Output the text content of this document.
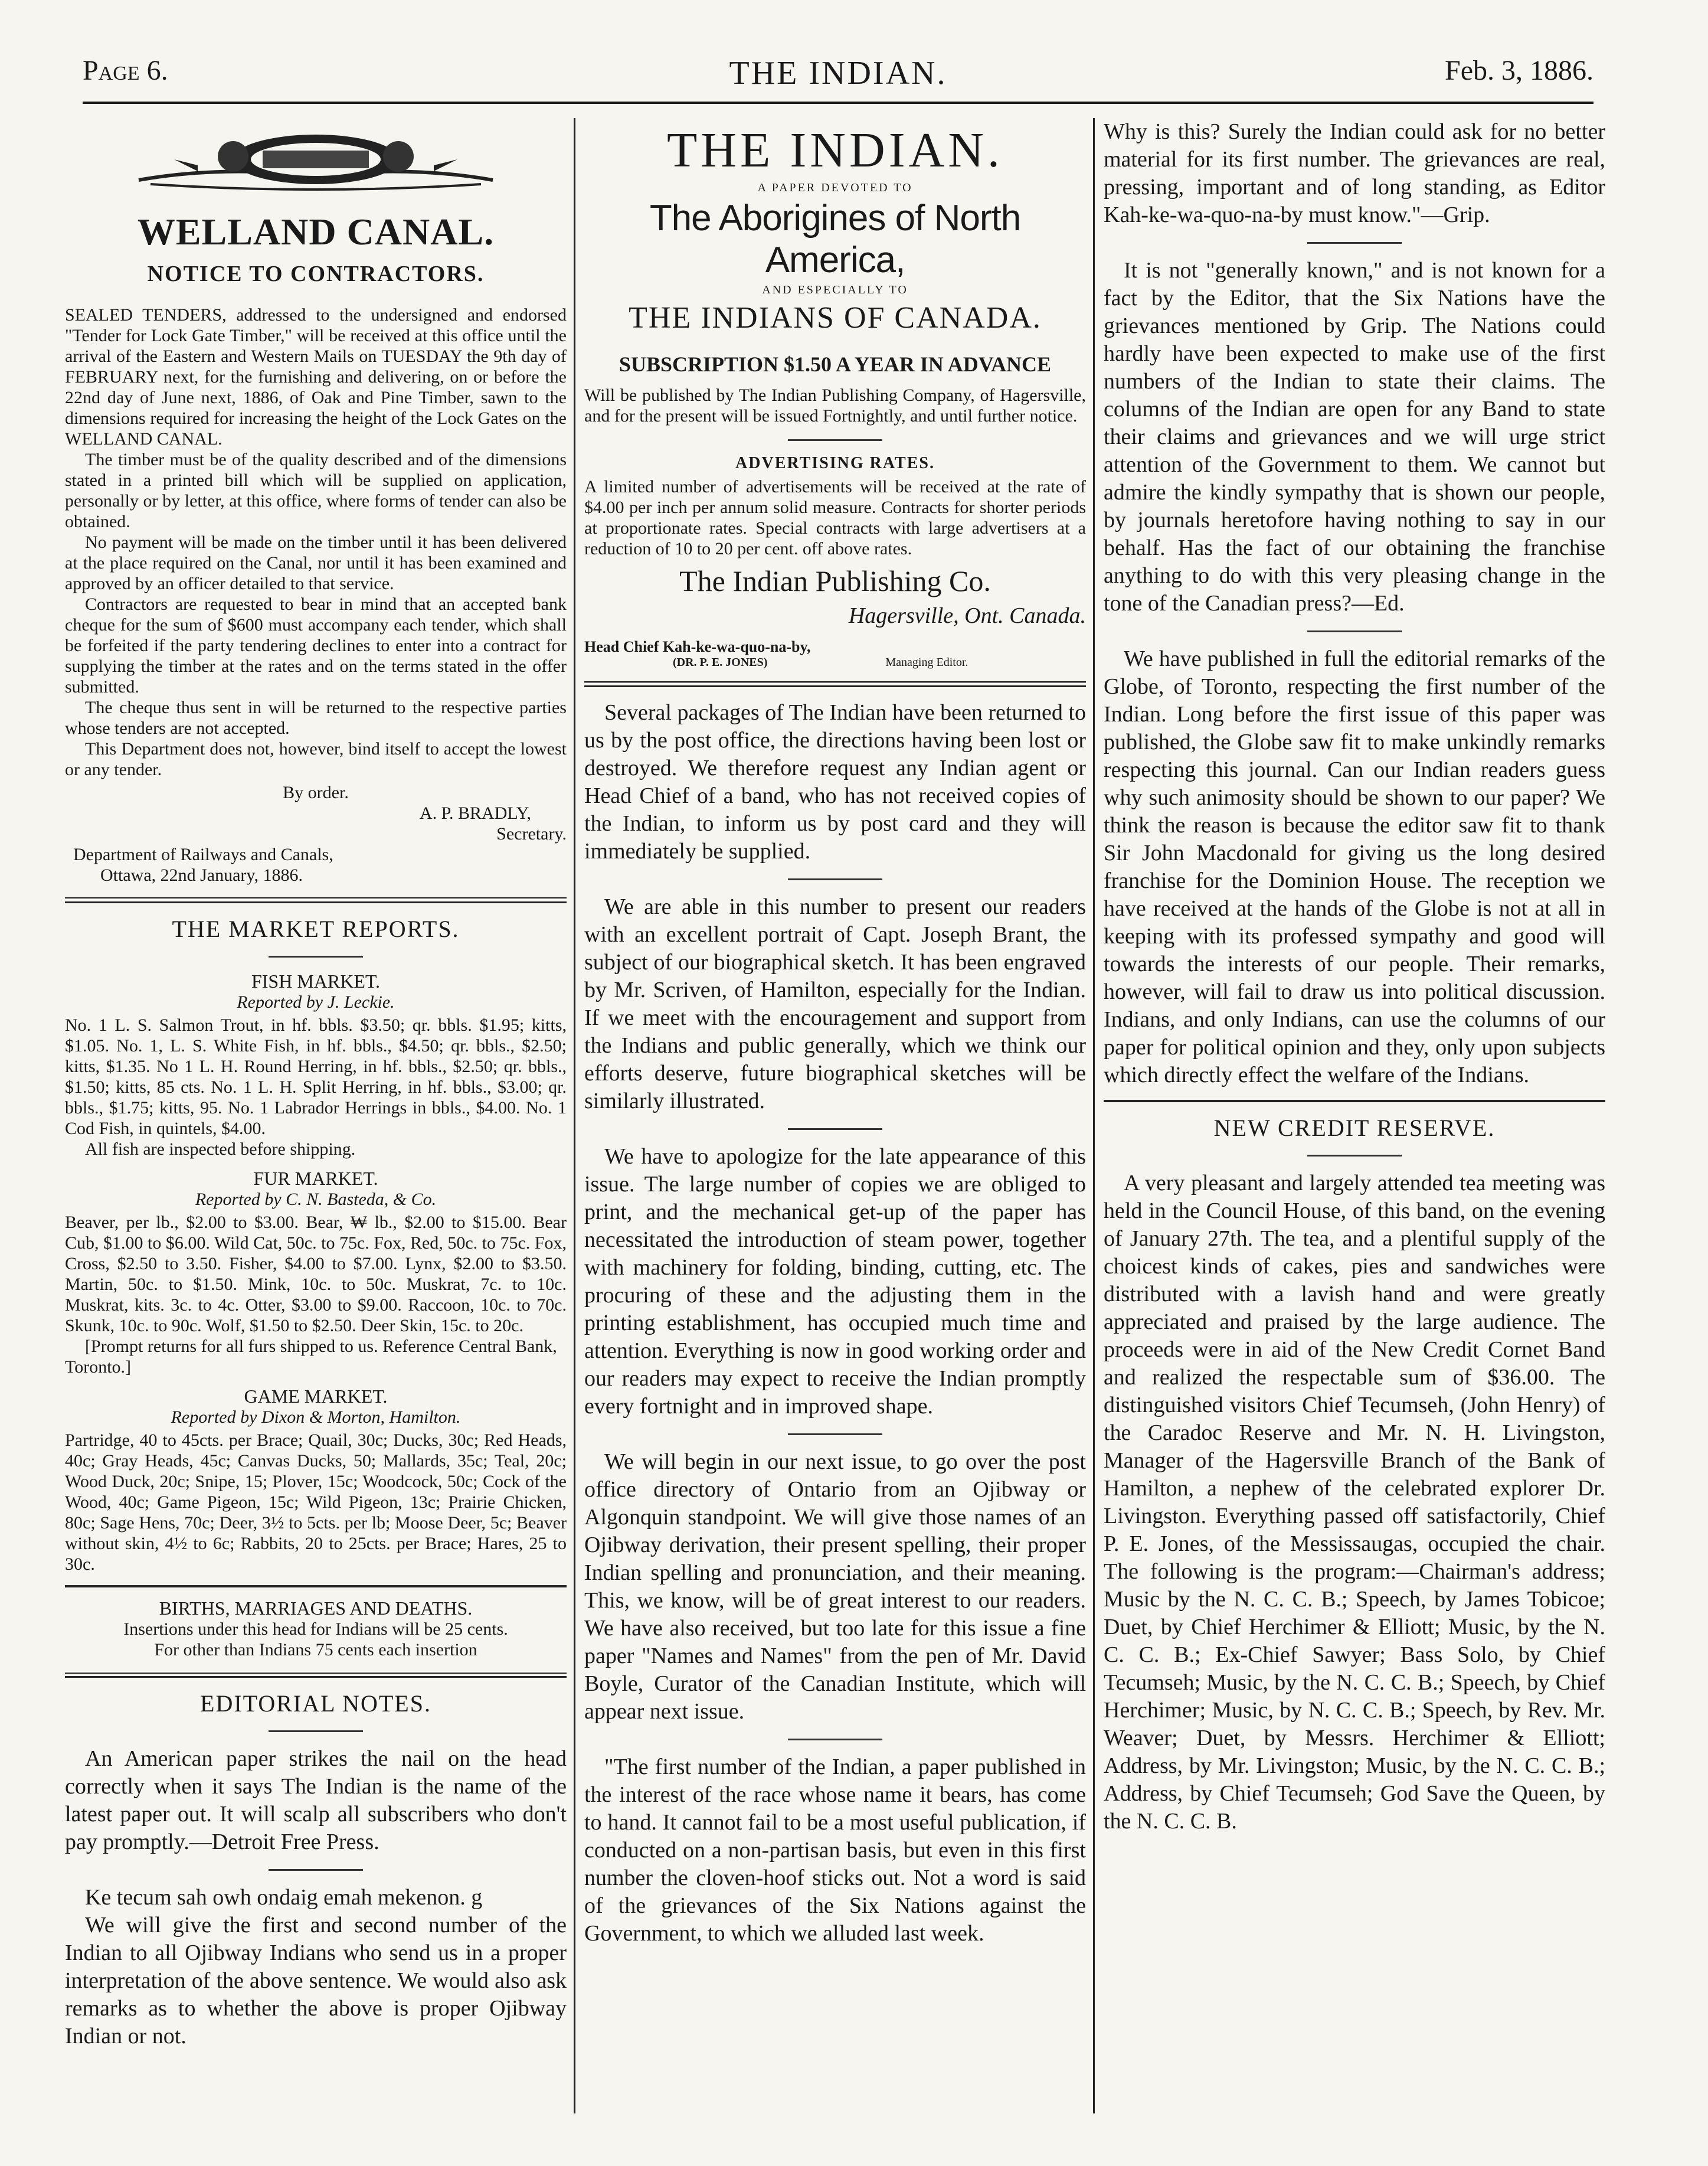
Page 6.	THE INDIAN.	Feb. 3, 1886.
WELLAND CANAL.
NOTICE TO CONTRACTORS.

SEALED TENDERS, addressed to the undersigned and endorsed "Tender for Lock Gate Timber," will be received at this office until the arrival of the Eastern and Western Mails on TUESDAY the 9th day of FEBRUARY next, for the furnishing and delivering, on or before the 22nd day of June next, 1886, of Oak and Pine Timber, sawn to the dimensions required for increasing the height of the Lock Gates on the WELLAND CANAL.

The timber must be of the quality described and of the dimensions stated in a printed bill which will be supplied on application, personally or by letter, at this office, where forms of tender can also be obtained.

No payment will be made on the timber until it has been delivered at the place required on the Canal, nor until it has been examined and approved by an officer detailed to that service.

Contractors are requested to bear in mind that an accepted bank cheque for the sum of $600 must accompany each tender, which shall be forfeited if the party tendering declines to enter into a contract for supplying the timber at the rates and on the terms stated in the offer submitted.

The cheque thus sent in will be returned to the respective parties whose tenders are not accepted.

This Department does not, however, bind itself to accept the lowest or any tender.

By order.
A. P. BRADLY,
Secretary.
Department of Railways and Canals,
Ottawa, 22nd January, 1886.
THE MARKET REPORTS.
FISH MARKET.
Reported by J. Leckie.

No. 1 L. S. Salmon Trout, in hf. bbls. $3.50; qr. bbls. $1.95; kitts, $1.05. No. 1, L. S. White Fish, in hf. bbls., $4.50; qr. bbls., $2.50; kitts, $1.35. No 1 L. H. Round Herring, in hf. bbls., $2.50; qr. bbls., $1.50; kitts, 85 cts. No. 1 L. H. Split Herring, in hf. bbls., $3.00; qr. bbls., $1.75; kitts, 95. No. 1 Labrador Herrings in bbls., $4.00. No. 1 Cod Fish, in quintels, $4.00.

All fish are inspected before shipping.

FUR MARKET.
Reported by C. N. Basteda, & Co.

Beaver, per lb., $2.00 to $3.00. Bear, ₩ lb., $2.00 to $15.00. Bear Cub, $1.00 to $6.00. Wild Cat, 50c. to 75c. Fox, Red, 50c. to 75c. Fox, Cross, $2.50 to 3.50. Fisher, $4.00 to $7.00. Lynx, $2.00 to $3.50. Martin, 50c. to $1.50. Mink, 10c. to 50c. Muskrat, 7c. to 10c. Muskrat, kits. 3c. to 4c. Otter, $3.00 to $9.00. Raccoon, 10c. to 70c. Skunk, 10c. to 90c. Wolf, $1.50 to $2.50. Deer Skin, 15c. to 20c.

[Prompt returns for all furs shipped to us. Reference Central Bank, Toronto.]

GAME MARKET.
Reported by Dixon & Morton, Hamilton.

Partridge, 40 to 45cts. per Brace; Quail, 30c; Ducks, 30c; Red Heads, 40c; Gray Heads, 45c; Canvas Ducks, 50; Mallards, 35c; Teal, 20c; Wood Duck, 20c; Snipe, 15; Plover, 15c; Woodcock, 50c; Cock of the Wood, 40c; Game Pigeon, 15c; Wild Pigeon, 13c; Prairie Chicken, 80c; Sage Hens, 70c; Deer, 3½ to 5cts. per lb; Moose Deer, 5c; Beaver without skin, 4½ to 6c; Rabbits, 20 to 25cts. per Brace; Hares, 25 to 30c.

BIRTHS, MARRIAGES AND DEATHS.
Insertions under this head for Indians will be 25 cents.
For other than Indians 75 cents each insertion
EDITORIAL NOTES.

An American paper strikes the nail on the head correctly when it says The Indian is the name of the latest paper out. It will scalp all subscribers who don't pay promptly.—Detroit Free Press.

Ke tecum sah owh ondaig emah mekenon. g

We will give the first and second number of the Indian to all Ojibway Indians who send us in a proper interpretation of the above sentence. We would also ask remarks as to whether the above is proper Ojibway Indian or not.

THE INDIAN.
A PAPER DEVOTED TO
The Aborigines of North America,
AND ESPECIALLY TO
THE INDIANS OF CANADA.
SUBSCRIPTION $1.50 A YEAR IN ADVANCE

Will be published by The Indian Publishing Company, of Hagersville, and for the present will be issued Fortnightly, and until further notice.

ADVERTISING RATES.

A limited number of advertisements will be received at the rate of $4.00 per inch per annum solid measure. Contracts for shorter periods at proportionate rates. Special contracts with large advertisers at a reduction of 10 to 20 per cent. off above rates.

The Indian Publishing Co.
Hagersville, Ont. Canada.
Head Chief Kah-ke-wa-quo-na-by,
(DR. P. E. JONES)	Managing Editor.

Several packages of The Indian have been returned to us by the post office, the directions having been lost or destroyed. We therefore request any Indian agent or Head Chief of a band, who has not received copies of the Indian, to inform us by post card and they will immediately be supplied.

We are able in this number to present our readers with an excellent portrait of Capt. Joseph Brant, the subject of our biographical sketch. It has been engraved by Mr. Scriven, of Hamilton, especially for the Indian. If we meet with the encouragement and support from the Indians and public generally, which we think our efforts deserve, future biographical sketches will be similarly illustrated.

We have to apologize for the late appearance of this issue. The large number of copies we are obliged to print, and the mechanical get-up of the paper has necessitated the introduction of steam power, together with machinery for folding, binding, cutting, etc. The procuring of these and the adjusting them in the printing establishment, has occupied much time and attention. Everything is now in good working order and our readers may expect to receive the Indian promptly every fortnight and in improved shape.

We will begin in our next issue, to go over the post office directory of Ontario from an Ojibway or Algonquin standpoint. We will give those names of an Ojibway derivation, their present spelling, their proper Indian spelling and pronunciation, and their meaning. This, we know, will be of great interest to our readers. We have also received, but too late for this issue a fine paper "Names and Names" from the pen of Mr. David Boyle, Curator of the Canadian Institute, which will appear next issue.

"The first number of the Indian, a paper published in the interest of the race whose name it bears, has come to hand. It cannot fail to be a most useful publication, if conducted on a non-partisan basis, but even in this first number the cloven-hoof sticks out. Not a word is said of the grievances of the Six Nations against the Government, to which we alluded last week.

Why is this? Surely the Indian could ask for no better material for its first number. The grievances are real, pressing, important and of long standing, as Editor Kah-ke-wa-quo-na-by must know."—Grip.

It is not "generally known," and is not known for a fact by the Editor, that the Six Nations have the grievances mentioned by Grip. The Nations could hardly have been expected to make use of the first numbers of the Indian to state their claims. The columns of the Indian are open for any Band to state their claims and grievances and we will urge strict attention of the Government to them. We cannot but admire the kindly sympathy that is shown our people, by journals heretofore having nothing to say in our behalf. Has the fact of our obtaining the franchise anything to do with this very pleasing change in the tone of the Canadian press?—Ed.

We have published in full the editorial remarks of the Globe, of Toronto, respecting the first number of the Indian. Long before the first issue of this paper was published, the Globe saw fit to make unkindly remarks respecting this journal. Can our Indian readers guess why such animosity should be shown to our paper? We think the reason is because the editor saw fit to thank Sir John Macdonald for giving us the long desired franchise for the Dominion House. The reception we have received at the hands of the Globe is not at all in keeping with its professed sympathy and good will towards the interests of our people. Their remarks, however, will fail to draw us into political discussion. Indians, and only Indians, can use the columns of our paper for political opinion and they, only upon subjects which directly effect the welfare of the Indians.

NEW CREDIT RESERVE.

A very pleasant and largely attended tea meeting was held in the Council House, of this band, on the evening of January 27th. The tea, and a plentiful supply of the choicest kinds of cakes, pies and sandwiches were distributed with a lavish hand and were greatly appreciated and praised by the large audience. The proceeds were in aid of the New Credit Cornet Band and realized the respectable sum of $36.00. The distinguished visitors Chief Tecumseh, (John Henry) of the Caradoc Reserve and Mr. N. H. Livingston, Manager of the Hagersville Branch of the Bank of Hamilton, a nephew of the celebrated explorer Dr. Livingston. Everything passed off satisfactorily, Chief P. E. Jones, of the Messissaugas, occupied the chair. The following is the program:—Chairman's address; Music by the N. C. C. B.; Speech, by James Tobicoe; Duet, by Chief Herchimer & Elliott; Music, by the N. C. C. B.; Ex-Chief Sawyer; Bass Solo, by Chief Tecumseh; Music, by the N. C. C. B.; Speech, by Chief Herchimer; Music, by N. C. C. B.; Speech, by Rev. Mr. Weaver; Duet, by Messrs. Herchimer & Elliott; Address, by Mr. Livingston; Music, by the N. C. C. B.; Address, by Chief Tecumseh; God Save the Queen, by the N. C. C. B.
